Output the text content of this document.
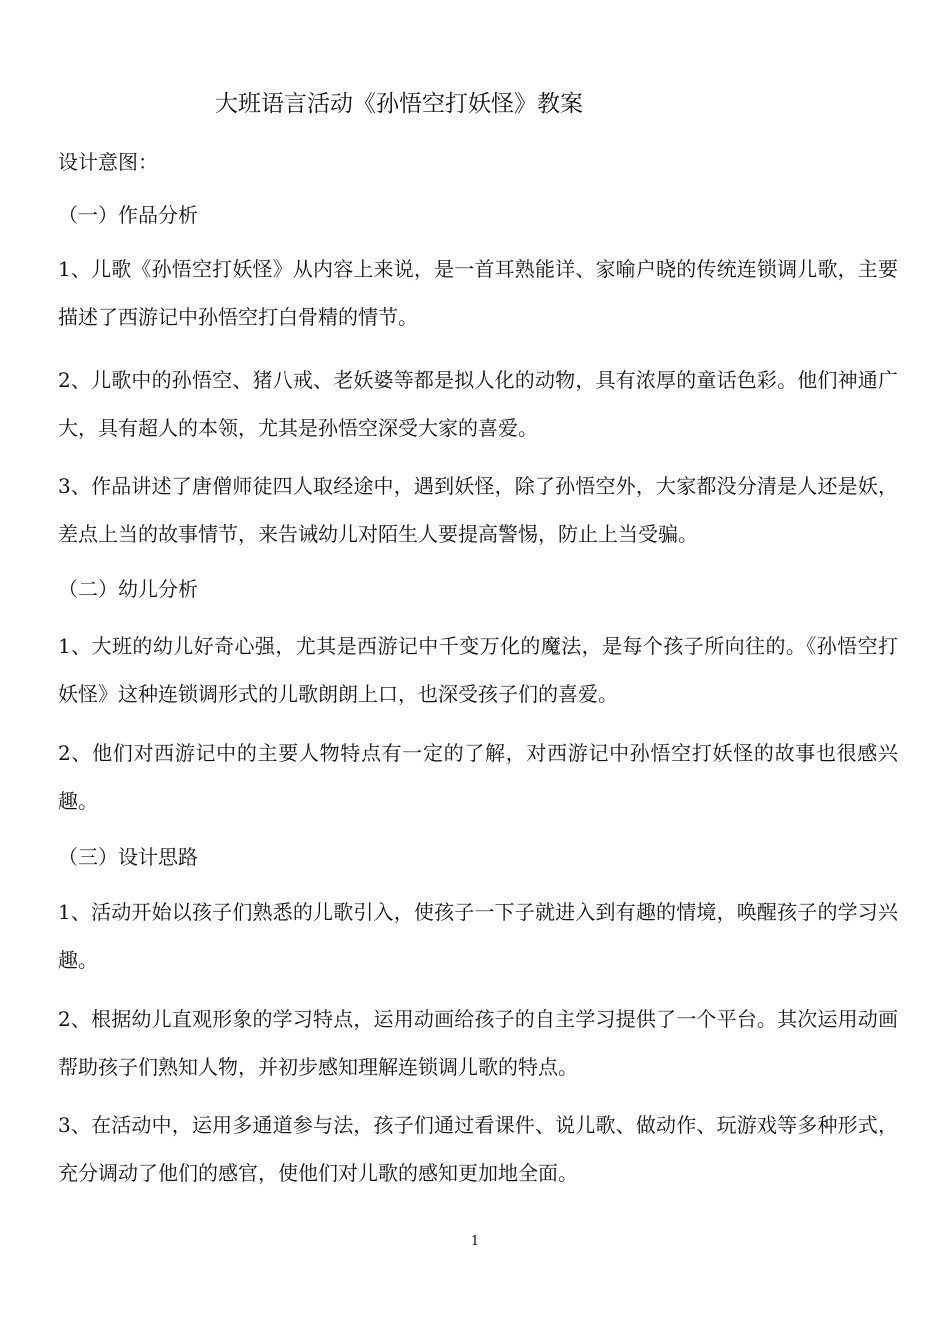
大班语言活动《孙悟空打妖怪》教案

设计意图：

（一）作品分析

1、儿歌《孙悟空打妖怪》从内容上来说，是一首耳熟能详、家喻户晓的传统连锁调儿歌，主要描述了西游记中孙悟空打白骨精的情节。

2、儿歌中的孙悟空、猪八戒、老妖婆等都是拟人化的动物，具有浓厚的童话色彩。他们神通广大，具有超人的本领，尤其是孙悟空深受大家的喜爱。

3、作品讲述了唐僧师徒四人取经途中，遇到妖怪，除了孙悟空外，大家都没分清是人还是妖，差点上当的故事情节，来告诫幼儿对陌生人要提高警惕，防止上当受骗。

（二）幼儿分析

1、大班的幼儿好奇心强，尤其是西游记中千变万化的魔法，是每个孩子所向往的。《孙悟空打妖怪》这种连锁调形式的儿歌朗朗上口，也深受孩子们的喜爱。

2、他们对西游记中的主要人物特点有一定的了解，对西游记中孙悟空打妖怪的故事也很感兴趣。

（三）设计思路

1、活动开始以孩子们熟悉的儿歌引入，使孩子一下子就进入到有趣的情境，唤醒孩子的学习兴趣。

2、根据幼儿直观形象的学习特点，运用动画给孩子的自主学习提供了一个平台。其次运用动画帮助孩子们熟知人物，并初步感知理解连锁调儿歌的特点。

3、在活动中，运用多通道参与法，孩子们通过看课件、说儿歌、做动作、玩游戏等多种形式，充分调动了他们的感官，使他们对儿歌的感知更加地全面。

1
